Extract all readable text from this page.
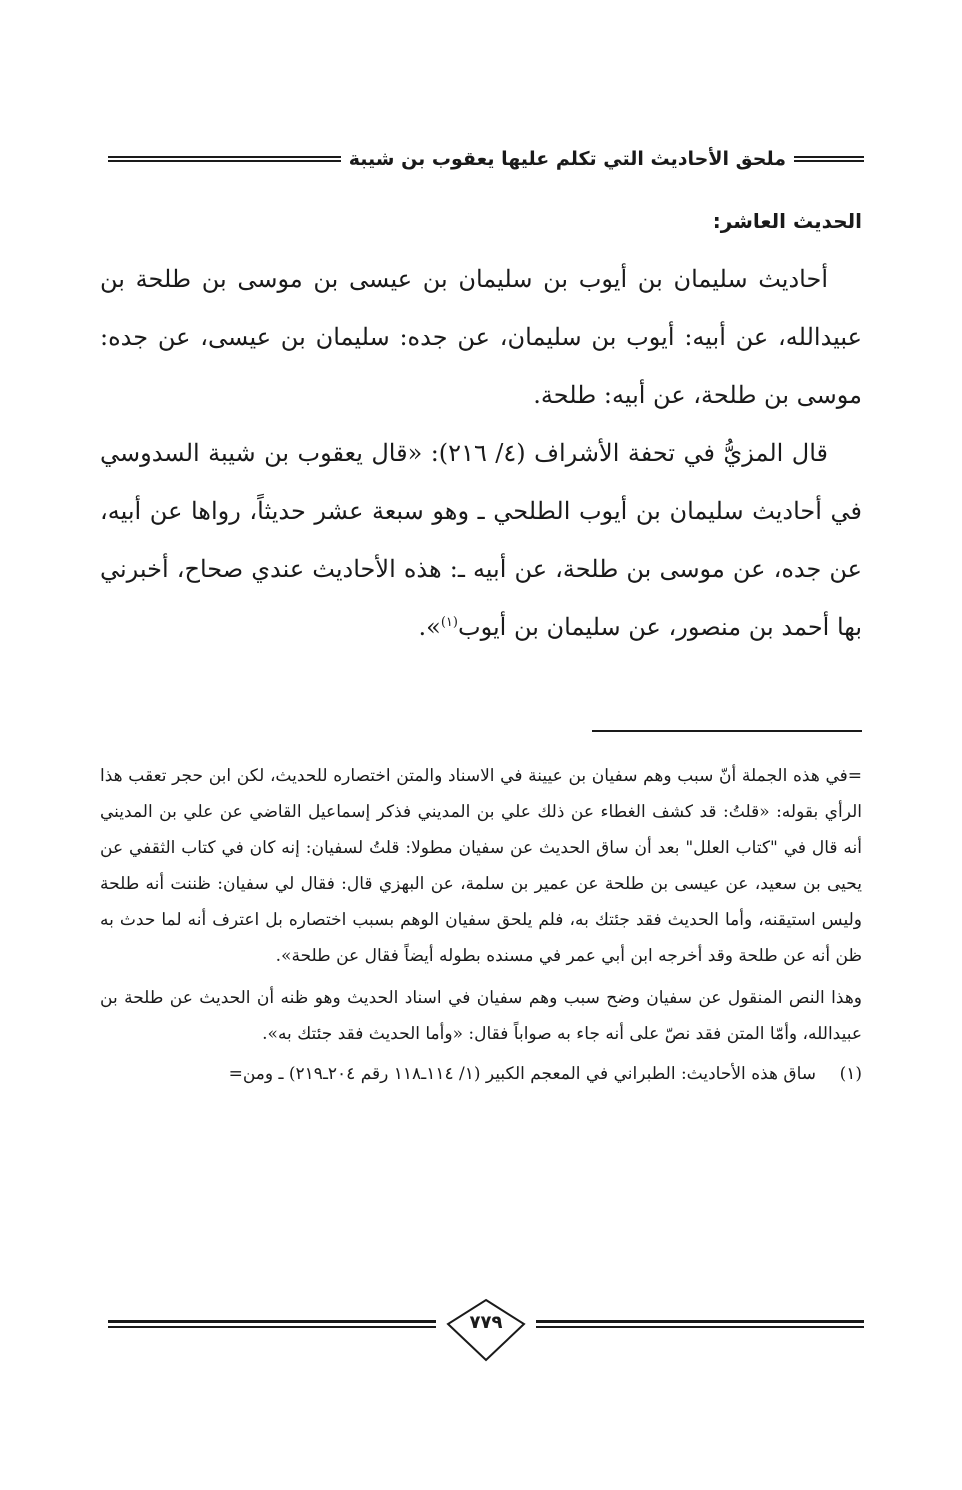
ملحق الأحاديث التي تكلم عليها يعقوب بن شيبة
الحديث العاشر:

أحاديث سليمان بن أيوب بن سليمان بن عيسى بن موسى بن طلحة بن عبيدالله، عن أبيه: أيوب بن سليمان، عن جده: سليمان بن عيسى، عن جده: موسى بن طلحة، عن أبيه: طلحة.

قال المزيُّ في تحفة الأشراف (٤/ ٢١٦): «قال يعقوب بن شيبة السدوسي في أحاديث سليمان بن أيوب الطلحي ـ وهو سبعة عشر حديثاً، رواها عن أبيه، عن جده، عن موسى بن طلحة، عن أبيه ـ: هذه الأحاديث عندي صحاح، أخبرني بها أحمد بن منصور، عن سليمان بن أيوب$^{(١)}$».

=في هذه الجملة أنّ سبب وهم سفيان بن عيينة في الاسناد والمتن اختصاره للحديث، لكن ابن حجر تعقب هذا الرأي بقوله: «قلتُ: قد كشف الغطاء عن ذلك علي بن المديني فذكر إسماعيل القاضي عن علي بن المديني أنه قال في "كتاب العلل" بعد أن ساق الحديث عن سفيان مطولا: قلتُ لسفيان: إنه كان في كتاب الثقفي عن يحيى بن سعيد، عن عيسى بن طلحة عن عمير بن سلمة، عن البهزي قال: فقال لي سفيان: ظننت أنه طلحة وليس استيقنه، وأما الحديث فقد جئتك به، فلم يلحق سفيان الوهم بسبب اختصاره بل اعترف أنه لما حدث به ظن أنه عن طلحة وقد أخرجه ابن أبي عمر في مسنده بطوله أيضاً فقال عن طلحة».

وهذا النص المنقول عن سفيان وضح سبب وهم سفيان في اسناد الحديث وهو ظنه أن الحديث عن طلحة بن عبيدالله، وأمّا المتن فقد نصّ على أنه جاء به صواباً فقال: «وأما الحديث فقد جئتك به».

(١)
ساق هذه الأحاديث: الطبراني في المعجم الكبير (١/ ١١٤ـ١١٨ رقم ٢٠٤ـ٢١٩) ـ ومن=
٧٧٩
